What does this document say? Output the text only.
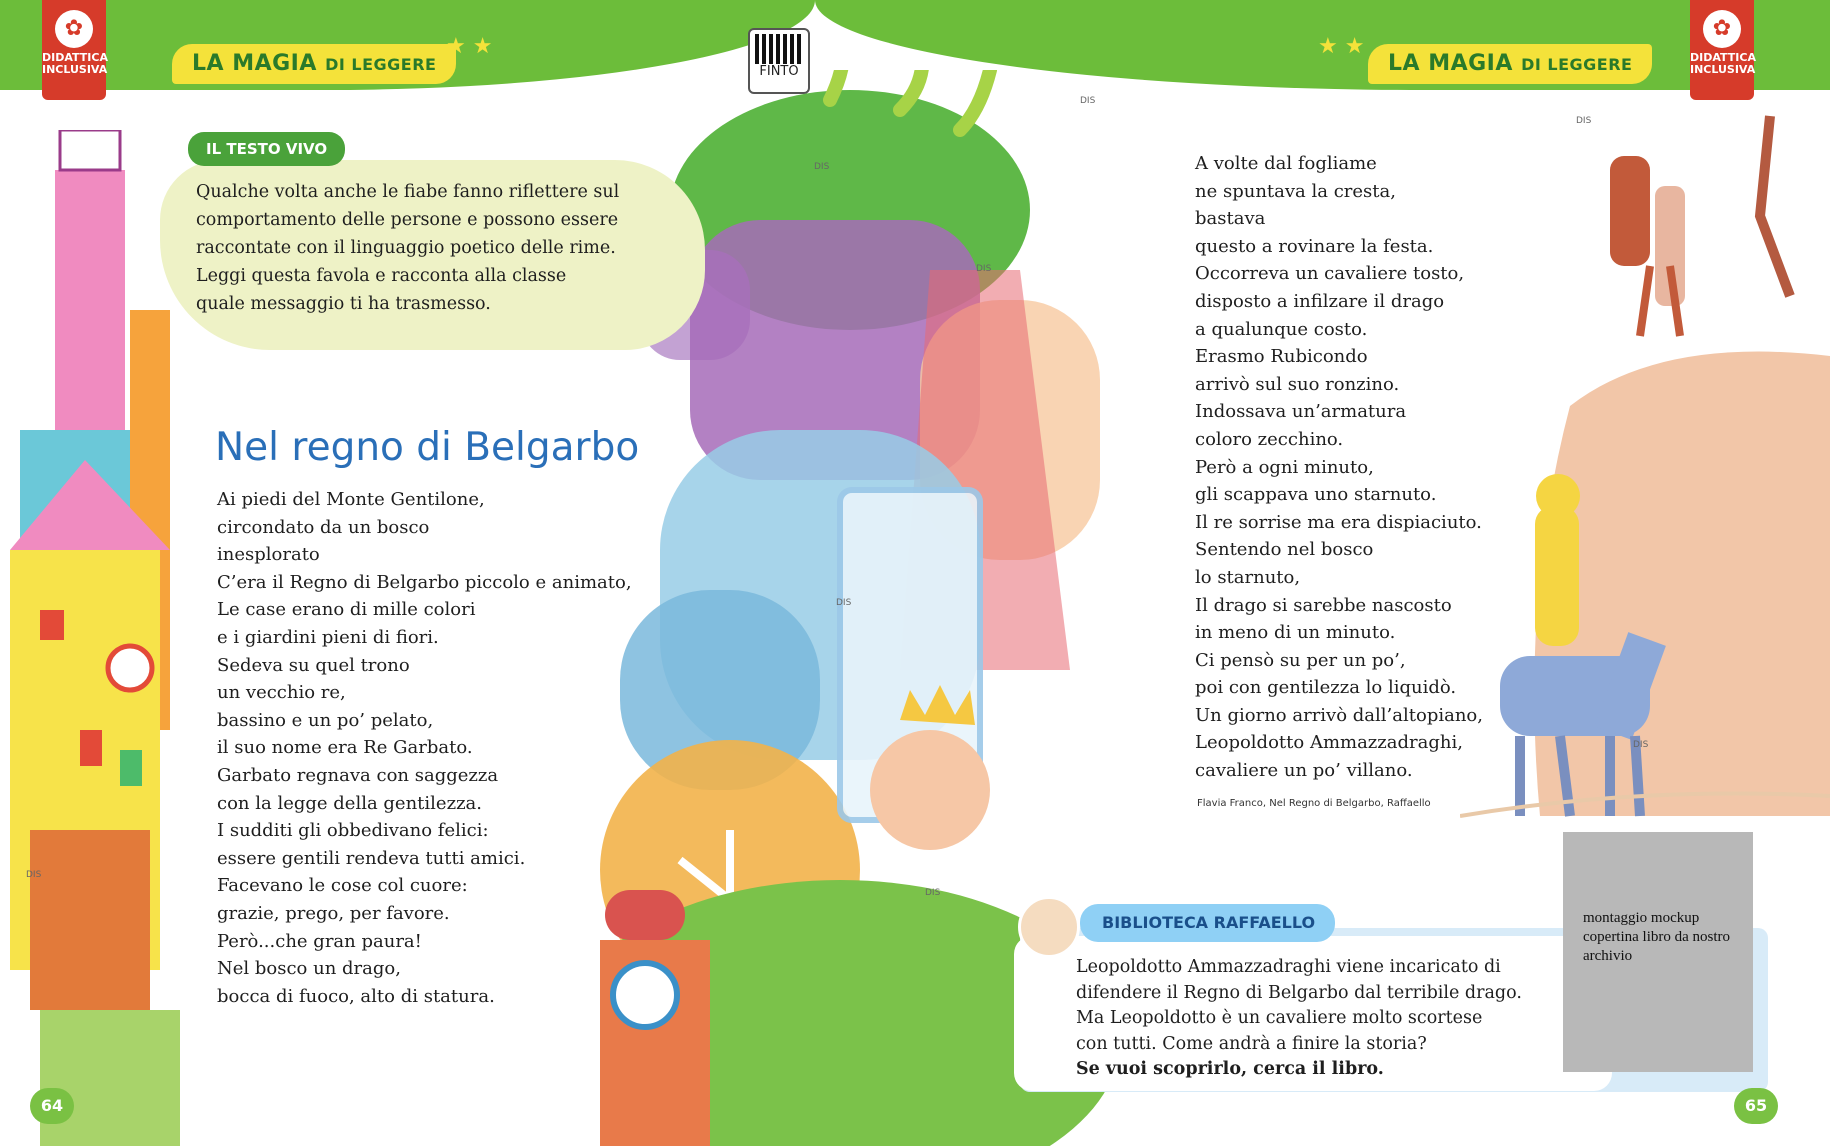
✿
DIDATTICA
INCLUSIVA
✿
DIDATTICA
INCLUSIVA
LA MAGIA DI LEGGERE
★ ★	★ ★
LA MAGIA DI LEGGERE
FINTO
DIS
DIS
DIS
DIS
DIS
DIS
DIS
DIS
IL TESTO VIVO
Qualche volta anche le fiabe fanno riflettere sul
comportamento delle persone e possono essere
raccontate con il linguaggio poetico delle rime.
Leggi questa favola e racconta alla classe
quale messaggio ti ha trasmesso.
Nel regno di Belgarbo
Ai piedi del Monte Gentilone,
circondato da un bosco
inesplorato
C’era il Regno di Belgarbo piccolo e animato,
Le case erano di mille colori
e i giardini pieni di fiori.
Sedeva su quel trono
un vecchio re,
bassino e un po’ pelato,
il suo nome era Re Garbato.
Garbato regnava con saggezza
con la legge della gentilezza.
I sudditi gli obbedivano felici:
essere gentili rendeva tutti amici.
Facevano le cose col cuore:
grazie, prego, per favore.
Però...che gran paura!
Nel bosco un drago,
bocca di fuoco, alto di statura.
A volte dal fogliame
ne spuntava la cresta,
bastava
questo a rovinare la festa.
Occorreva un cavaliere tosto,
disposto a infilzare il drago
a qualunque costo.
Erasmo Rubicondo
arrivò sul suo ronzino.
Indossava un’armatura
coloro zecchino.
Però a ogni minuto,
gli scappava uno starnuto.
Il re sorrise ma era dispiaciuto.
Sentendo nel bosco
lo starnuto,
Il drago si sarebbe nascosto
in meno di un minuto.
Ci pensò su per un po’,
poi con gentilezza lo liquidò.
Un giorno arrivò dall’altopiano,
Leopoldotto Ammazzadraghi,
cavaliere un po’ villano.
Flavia Franco, Nel Regno di Belgarbo, Raffaello
BIBLIOTECA RAFFAELLO
Leopoldotto Ammazzadraghi viene incaricato di
difendere il Regno di Belgarbo dal terribile drago.
Ma Leopoldotto è un cavaliere molto scortese
con tutti. Come andrà a finire la storia?
Se vuoi scoprirlo, cerca il libro.
montaggio mockup copertina libro da nostro archivio
64	65
